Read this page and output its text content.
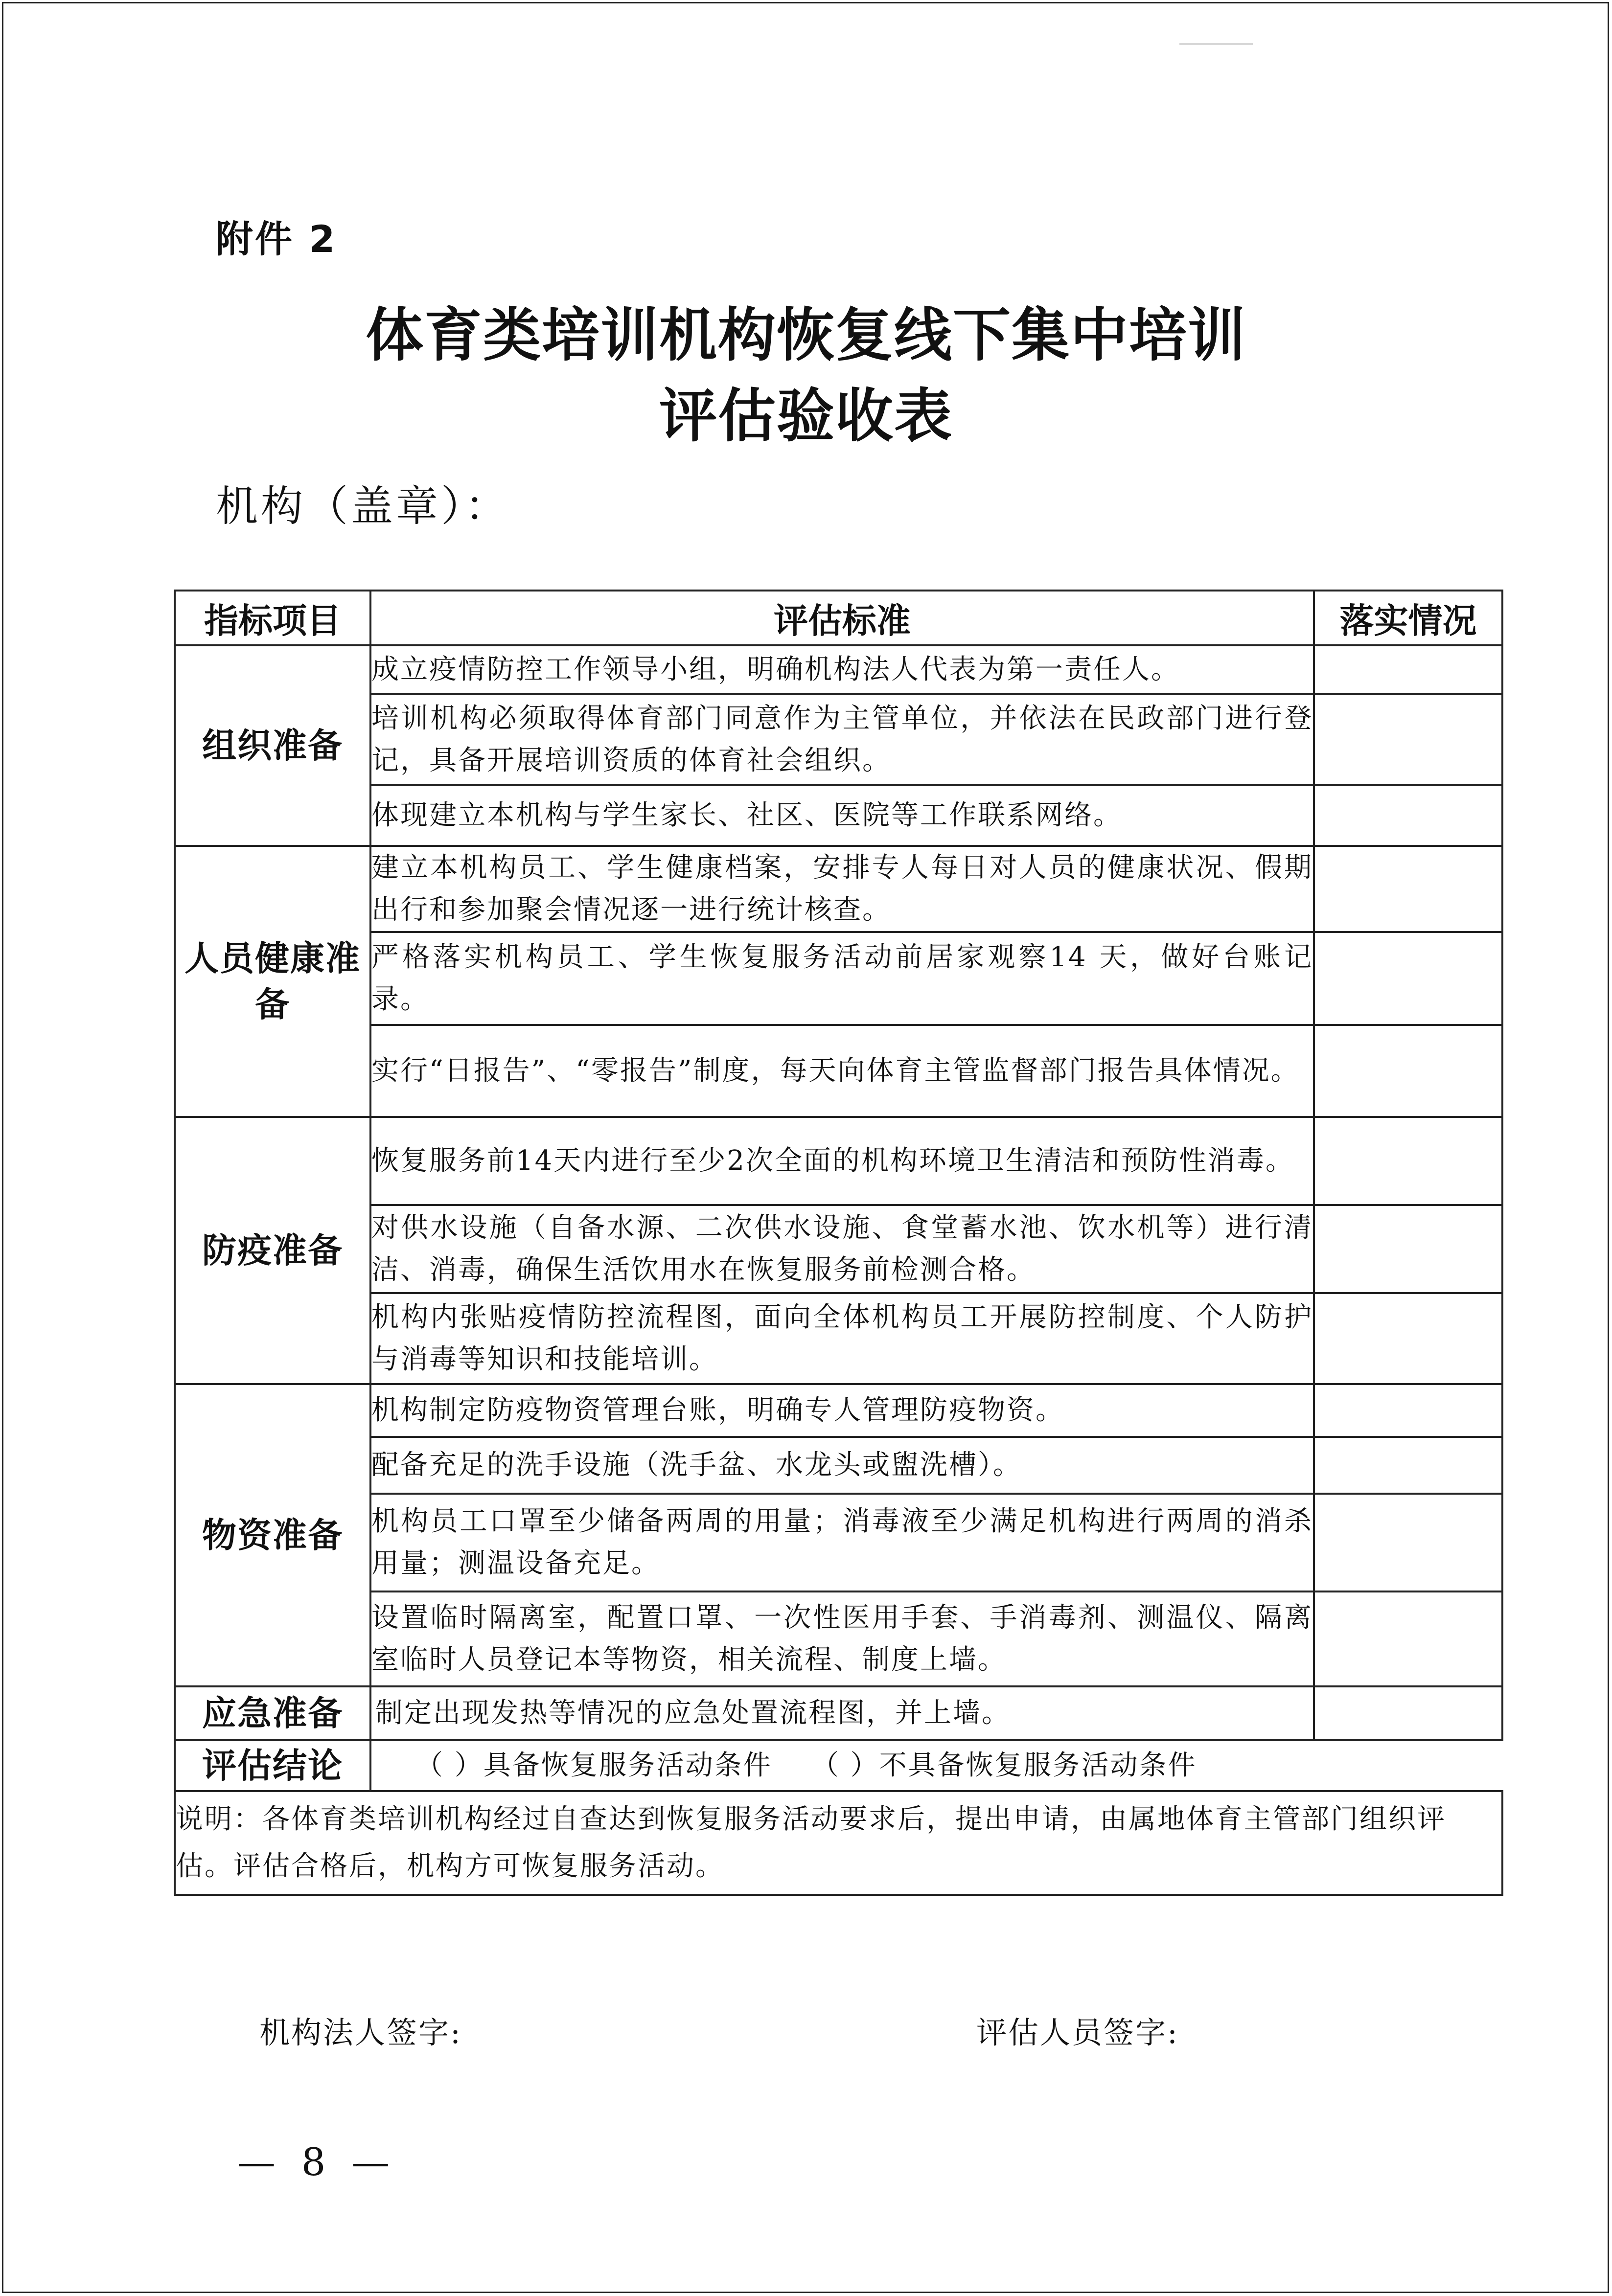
附件 2
体育类培训机构恢复线下集中培训
评估验收表
机构（盖章）：
指标项目	评估标准	落实情况
组织准备	成立疫情防控工作领导小组，明确机构法人代表为第一责任人。	
	培训机构必须取得体育部门同意作为主管单位，并依法在民政部门进行登记，具备开展培训资质的体育社会组织。	
	体现建立本机构与学生家长、社区、医院等工作联系网络。	
人员健康准备	建立本机构员工、学生健康档案，安排专人每日对人员的健康状况、假期出行和参加聚会情况逐一进行统计核查。	
	严格落实机构员工、学生恢复服务活动前居家观察14 天，做好台账记录。	
	实行“日报告”、“零报告”制度，每天向体育主管监督部门报告具体情况。	
防疫准备	恢复服务前14天内进行至少2次全面的机构环境卫生清洁和预防性消毒。	
	对供水设施（自备水源、二次供水设施、食堂蓄水池、饮水机等）进行清洁、消毒，确保生活饮用水在恢复服务前检测合格。	
	机构内张贴疫情防控流程图，面向全体机构员工开展防控制度、个人防护与消毒等知识和技能培训。	
物资准备	机构制定防疫物资管理台账，明确专人管理防疫物资。	
	配备充足的洗手设施（洗手盆、水龙头或盥洗槽）。	
	机构员工口罩至少储备两周的用量；消毒液至少满足机构进行两周的消杀用量；测温设备充足。	
	设置临时隔离室，配置口罩、一次性医用手套、手消毒剂、测温仪、隔离室临时人员登记本等物资，相关流程、制度上墙。	
应急准备	制定出现发热等情况的应急处置流程图，并上墙。	
评估结论	（ ）具备恢复服务活动条件 （ ）不具备恢复服务活动条件	
说明：各体育类培训机构经过自查达到恢复服务活动要求后，提出申请，由属地体育主管部门组织评估。评估合格后，机构方可恢复服务活动。		
机构法人签字:	评估人员签字:
— 8 —
